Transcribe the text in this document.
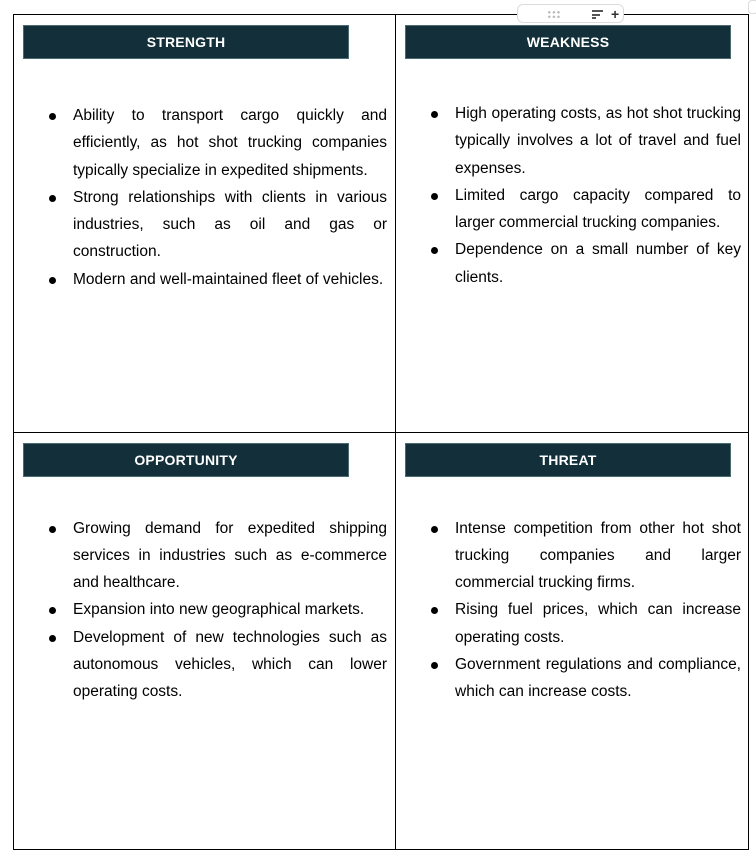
STRENGTH
Ability to transport cargo quickly and efficiently, as hot shot trucking companies typically specialize in expedited shipments.
Strong relationships with clients in various industries, such as oil and gas or construction.
Modern and well-maintained fleet of vehicles.

WEAKNESS
High operating costs, as hot shot trucking typically involves a lot of travel and fuel expenses.
Limited cargo capacity compared to larger commercial trucking companies.
Dependence on a small number of key clients.

OPPORTUNITY
Growing demand for expedited shipping services in industries such as e-commerce and healthcare.
Expansion into new geographical markets.
Development of new technologies such as autonomous vehicles, which can lower operating costs.

THREAT
Intense competition from other hot shot trucking companies and larger commercial trucking firms.
Rising fuel prices, which can increase operating costs.
Government regulations and compliance, which can increase costs.
+
